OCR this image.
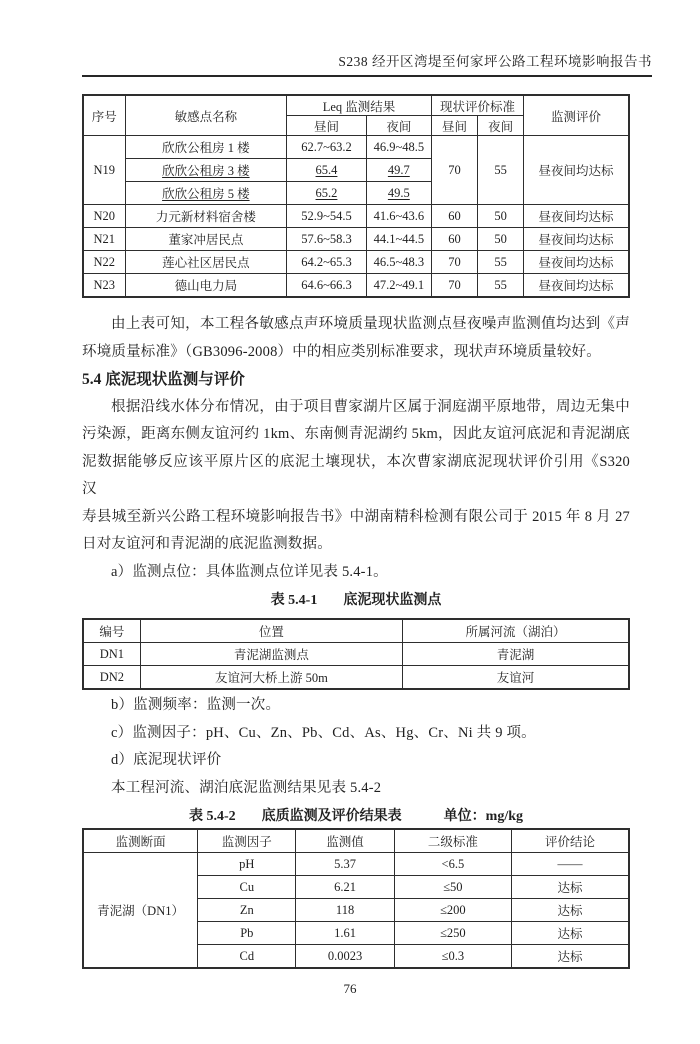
S238 经开区湾堤至何家坪公路工程环境影响报告书
序号	敏感点名称	Leq 监测结果		现状评价标准		监测评价
		昼间	夜间	昼间	夜间	
N19	欣欣公租房 1 楼	62.7~63.2	46.9~48.5	70	55	昼夜间均达标
	欣欣公租房 3 楼	65.4	49.7			
	欣欣公租房 5 楼	65.2	49.5			
N20	力元新材料宿舍楼	52.9~54.5	41.6~43.6	60	50	昼夜间均达标
N21	董家冲居民点	57.6~58.3	44.1~44.5	60	50	昼夜间均达标
N22	莲心社区居民点	64.2~65.3	46.5~48.3	70	55	昼夜间均达标
N23	德山电力局	64.6~66.3	47.2~49.1	70	55	昼夜间均达标
由上表可知，本工程各敏感点声环境质量现状监测点昼夜噪声监测值均达到《声
环境质量标准》（GB3096-2008）中的相应类别标准要求，现状声环境质量较好。
5.4 底泥现状监测与评价
根据沿线水体分布情况，由于项目曹家湖片区属于洞庭湖平原地带，周边无集中
污染源，距离东侧友谊河约 1km、东南侧青泥湖约 5km，因此友谊河底泥和青泥湖底
泥数据能够反应该平原片区的底泥土壤现状，本次曹家湖底泥现状评价引用《S320 汉
寿县城至新兴公路工程环境影响报告书》中湖南精科检测有限公司于 2015 年 8 月 27
日对友谊河和青泥湖的底泥监测数据。
a）监测点位：具体监测点位详见表 5.4-1。
表 5.4-1 底泥现状监测点
编号	位置	所属河流（湖泊）
DN1	青泥湖监测点	青泥湖
DN2	友谊河大桥上游 50m	友谊河
b）监测频率：监测一次。
c）监测因子：pH、Cu、Zn、Pb、Cd、As、Hg、Cr、Ni 共 9 项。
d）底泥现状评价
本工程河流、湖泊底泥监测结果见表 5.4-2
表 5.4-2 底质监测及评价结果表	单位：mg/kg
监测断面	监测因子	监测值	二级标准	评价结论
青泥湖（DN1）	pH	5.37	<6.5	——
	Cu	6.21	≤50	达标
	Zn	118	≤200	达标
	Pb	1.61	≤250	达标
	Cd	0.0023	≤0.3	达标
76
